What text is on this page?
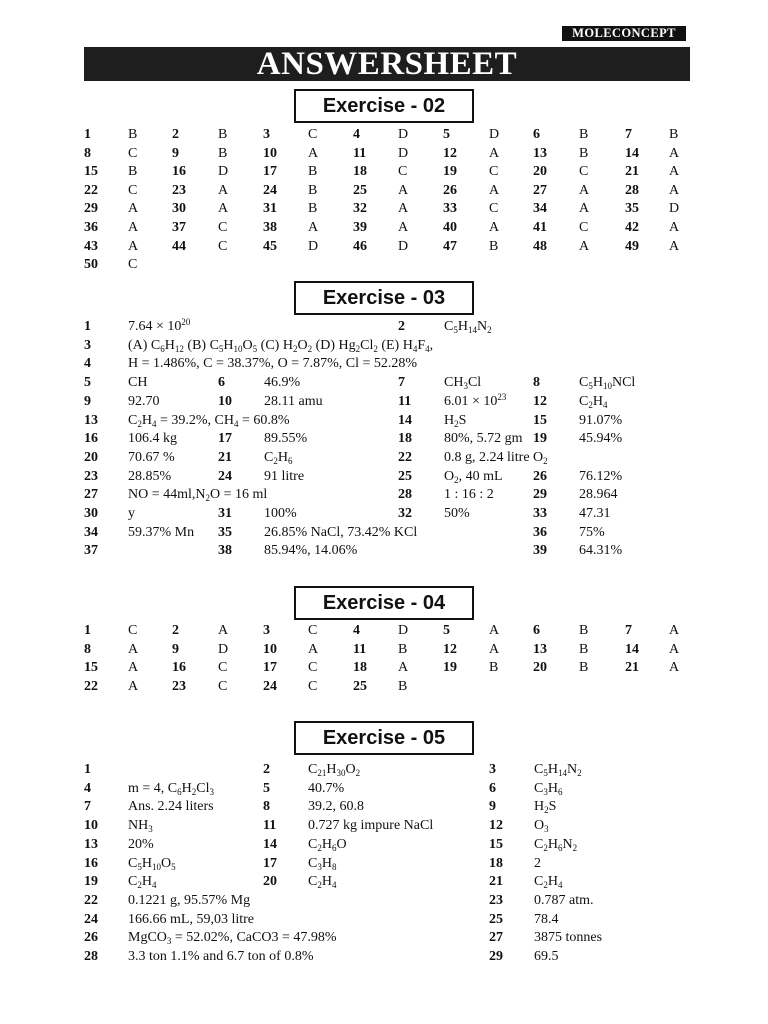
MOLECONCEPT
ANSWERSHEET
Exercise - 02
1	B 2	B	3	C	4	D 5	D 6	B	7	B
8	C 9	B	10 A 11 D 12 A 13 B	14 A
15 B 16 D 17 B	18 C	19 C 20 C	21 A
22 C 23 A 24 B	25 A 26 A 27 A	28 A
29 A 30 A 31 B	32 A 33 C 34 A	35 D
36 A 37 C	38 A 39 A 40 A 41 C	42 A
43 A 44 C	45 D 46 D 47 B 48 A	49 A
50 C
Exercise - 03
1	$7.64 \times 10^{20}$	2	$C_5H_{14}N_2$
3	(A) $C_6H_{12}$ (B) $C_5H_{10}O_5$ (C) $H_2O_2$ (D) $Hg_2Cl_2$ (E) $H_4F_4$,
4	H = 1.486%, C = 38.37%, O = 7.87%, Cl = 52.28%
5	CH	6	46.9%	7	$CH_3Cl$	8	$C_5H_{10}NCl$
9	92.70	10 28.11 amu	11 $6.01 \times 10^{23}$ 12 $C_2H_4$
13 $C_2H_4 = 39.2\%$, $CH_4 = 60.8\%$	14 $H_2S$	15 91.07%
16 106.4 kg	17 89.55%	18 80%, 5.72 gm 19 45.94%
20 70.67 %	21 $C_2H_6$	22 0.8 g, 2.24 litre $O_2$
23 28.85%	24 91 litre	25 $O_2$, 40 mL 26 76.12%
27 NO = $44ml,N_2O = 16$ ml	28 1 : 16 : 2	29 28.964
30 y	31 100%	32 50%	33 47.31
34 59.37% Mn 35 26.85% NaCl, 73.42% KCl	36 75%
37	38 85.94%, 14.06%	39 64.31%
Exercise - 04
1	C 2	A 3	C	4	D 5	A 6	B	7	A
8	A 9	D 10 A 11 B	12 A 13 B	14 A
15 A 16 C	17 C	18 A 19 B 20 B	21 A
22 A 23 C	24 C	25 B
Exercise - 05
1	2	$C_{21}H_{30}O_2$	3	$C_5H_{14}N_2$
4	m = 4, $C_6H_2Cl_3$	5	40.7%	6	$C_3H_6$
7	Ans. 2.24 liters	8	39.2, 60.8	9	$H_2S$
10 $NH_3$	11 0.727 kg impure NaCl	12 $O_3$
13 20%	14 $C_2H_6O$	15 $C_2H_6N_2$
16 $C_5H_{10}O_5$	17 $C_3H_8$	18 2
19 $C_2H_4$	20 $C_2H_4$	21 $C_2H_4$
22 0.1221 g, 95.57% Mg	23 0.787 atm.
24 166.66 mL, 59,03 litre	25 78.4
26 MgCO$_3$ = 52.02%, CaCO3 = 47.98%	27 3875 tonnes
28 3.3 ton 1.1% and 6.7 ton of 0.8%	29 69.5
